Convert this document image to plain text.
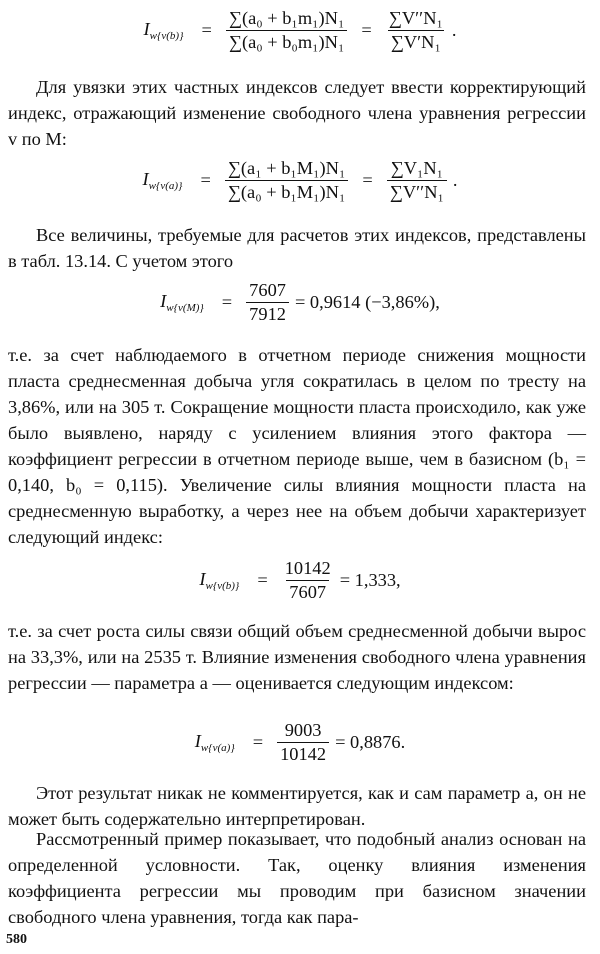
$I_{w\{v(b)\}} = \frac{\text{∑(a₀ + b₁m₁)N₁}}{\text{∑(a₀ + b₀m₁)N₁}} = \frac{\text{∑V′′N₁}}{\text{∑V′N₁}}$ .

Для увязки этих частных индексов следует ввести корректирующий индекс, отражающий изменение свободного члена уравнения регрессии v по M:

$I_{w\{v(a)\}} = \frac{\text{∑(a₁ + b₁M₁)N₁}}{\text{∑(a₀ + b₁M₁)N₁}} = \frac{\text{∑V₁N₁}}{\text{∑V′′N₁}}$ .

Все величины, требуемые для расчетов этих индексов, представлены в табл. 13.14. С учетом этого

$I_{w\{v(M)\}} = \frac{7607}{7912} = 0,9614$ (−3,86%),

т.е. за счет наблюдаемого в отчетном периоде снижения мощности пласта среднесменная добыча угля сократилась в целом по тресту на 3,86%, или на 305 т. Сокращение мощности пласта происходило, как уже было выявлено, наряду с усилением влияния этого фактора — коэффициент регрессии в отчетном периоде выше, чем в базисном (b₁ = 0,140, b₀ = 0,115). Увеличение силы влияния мощности пласта на среднесменную выработку, а через нее на объем добычи характеризует следующий индекс:

$I_{w\{v(b)\}} = \frac{10142}{7607} = 1,333$,

т.е. за счет роста силы связи общий объем среднесменной добычи вырос на 33,3%, или на 2535 т. Влияние изменения свободного члена уравнения регрессии — параметра a — оценивается следующим индексом:

$I_{w\{v(a)\}} = \frac{9003}{10142} = 0,8876$.

Этот результат никак не комментируется, как и сам параметр a, он не может быть содержательно интерпретирован.

Рассмотренный пример показывает, что подобный анализ основан на определенной условности. Так, оценку влияния изменения коэффициента регрессии мы проводим при базисном значении свободного члена уравнения, тогда как пара-

580
